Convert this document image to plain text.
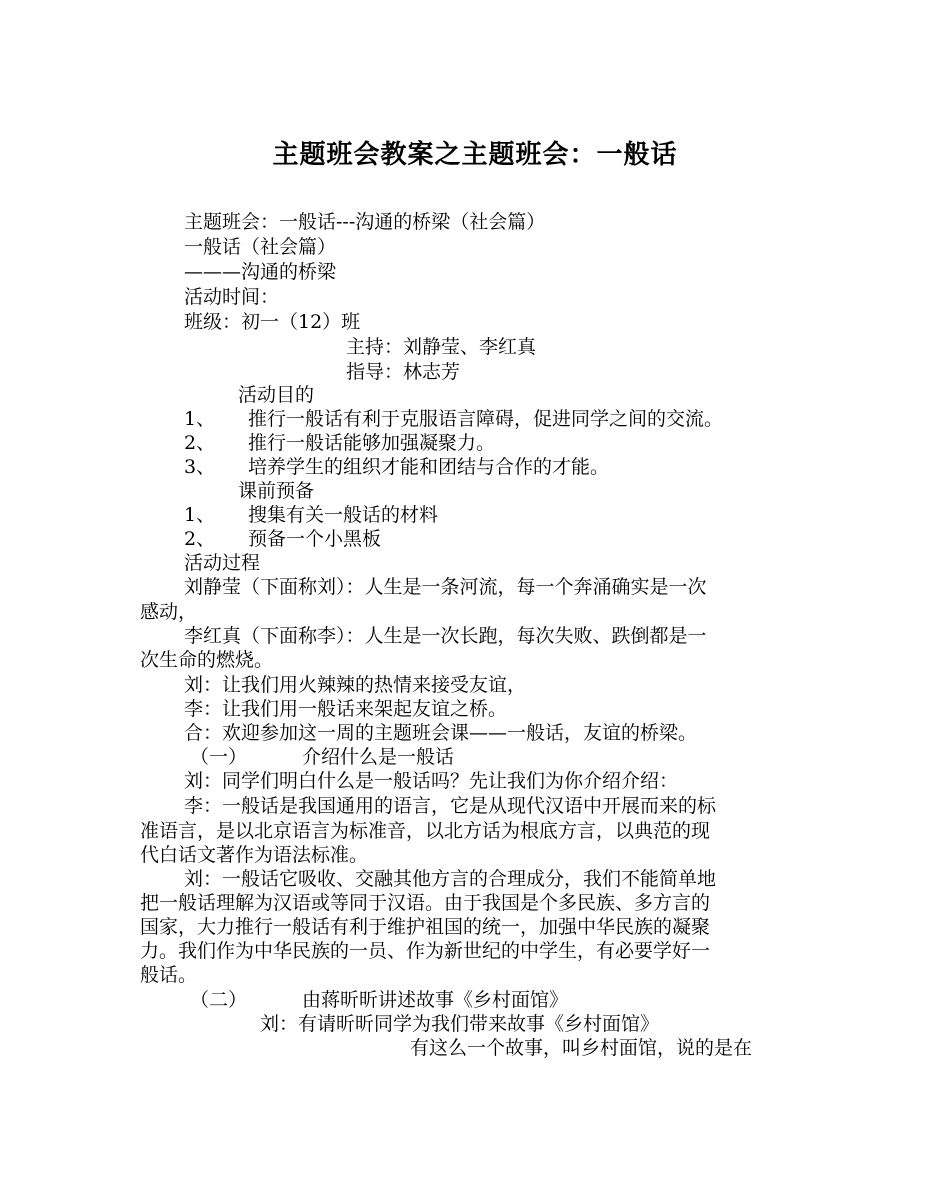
主题班会教案之主题班会：一般话
主题班会：一般话---沟通的桥梁（社会篇）
一般话（社会篇）
———沟通的桥梁
活动时间：
班级：初一（12）班
主持：刘静莹、李红真
指导：林志芳
活动目的
1、 推行一般话有利于克服语言障碍，促进同学之间的交流。
2、 推行一般话能够加强凝聚力。
3、 培养学生的组织才能和团结与合作的才能。
课前预备
1、 搜集有关一般话的材料
2、 预备一个小黑板
活动过程
刘静莹（下面称刘）：人生是一条河流，每一个奔涌确实是一次
感动，
李红真（下面称李）：人生是一次长跑，每次失败、跌倒都是一
次生命的燃烧。
刘：让我们用火辣辣的热情来接受友谊，
李：让我们用一般话来架起友谊之桥。
合：欢迎参加这一周的主题班会课——一般话，友谊的桥梁。
（一）	介绍什么是一般话
刘：同学们明白什么是一般话吗？先让我们为你介绍介绍：
李：一般话是我国通用的语言，它是从现代汉语中开展而来的标
准语言，是以北京语言为标准音，以北方话为根底方言，以典范的现
代白话文著作为语法标准。
刘：一般话它吸收、交融其他方言的合理成分，我们不能简单地
把一般话理解为汉语或等同于汉语。由于我国是个多民族、多方言的
国家，大力推行一般话有利于维护祖国的统一，加强中华民族的凝聚
力。我们作为中华民族的一员、作为新世纪的中学生，有必要学好一
般话。
（二）	由蒋昕昕讲述故事《乡村面馆》
刘：有请昕昕同学为我们带来故事《乡村面馆》
有这么一个故事，叫乡村面馆，说的是在
